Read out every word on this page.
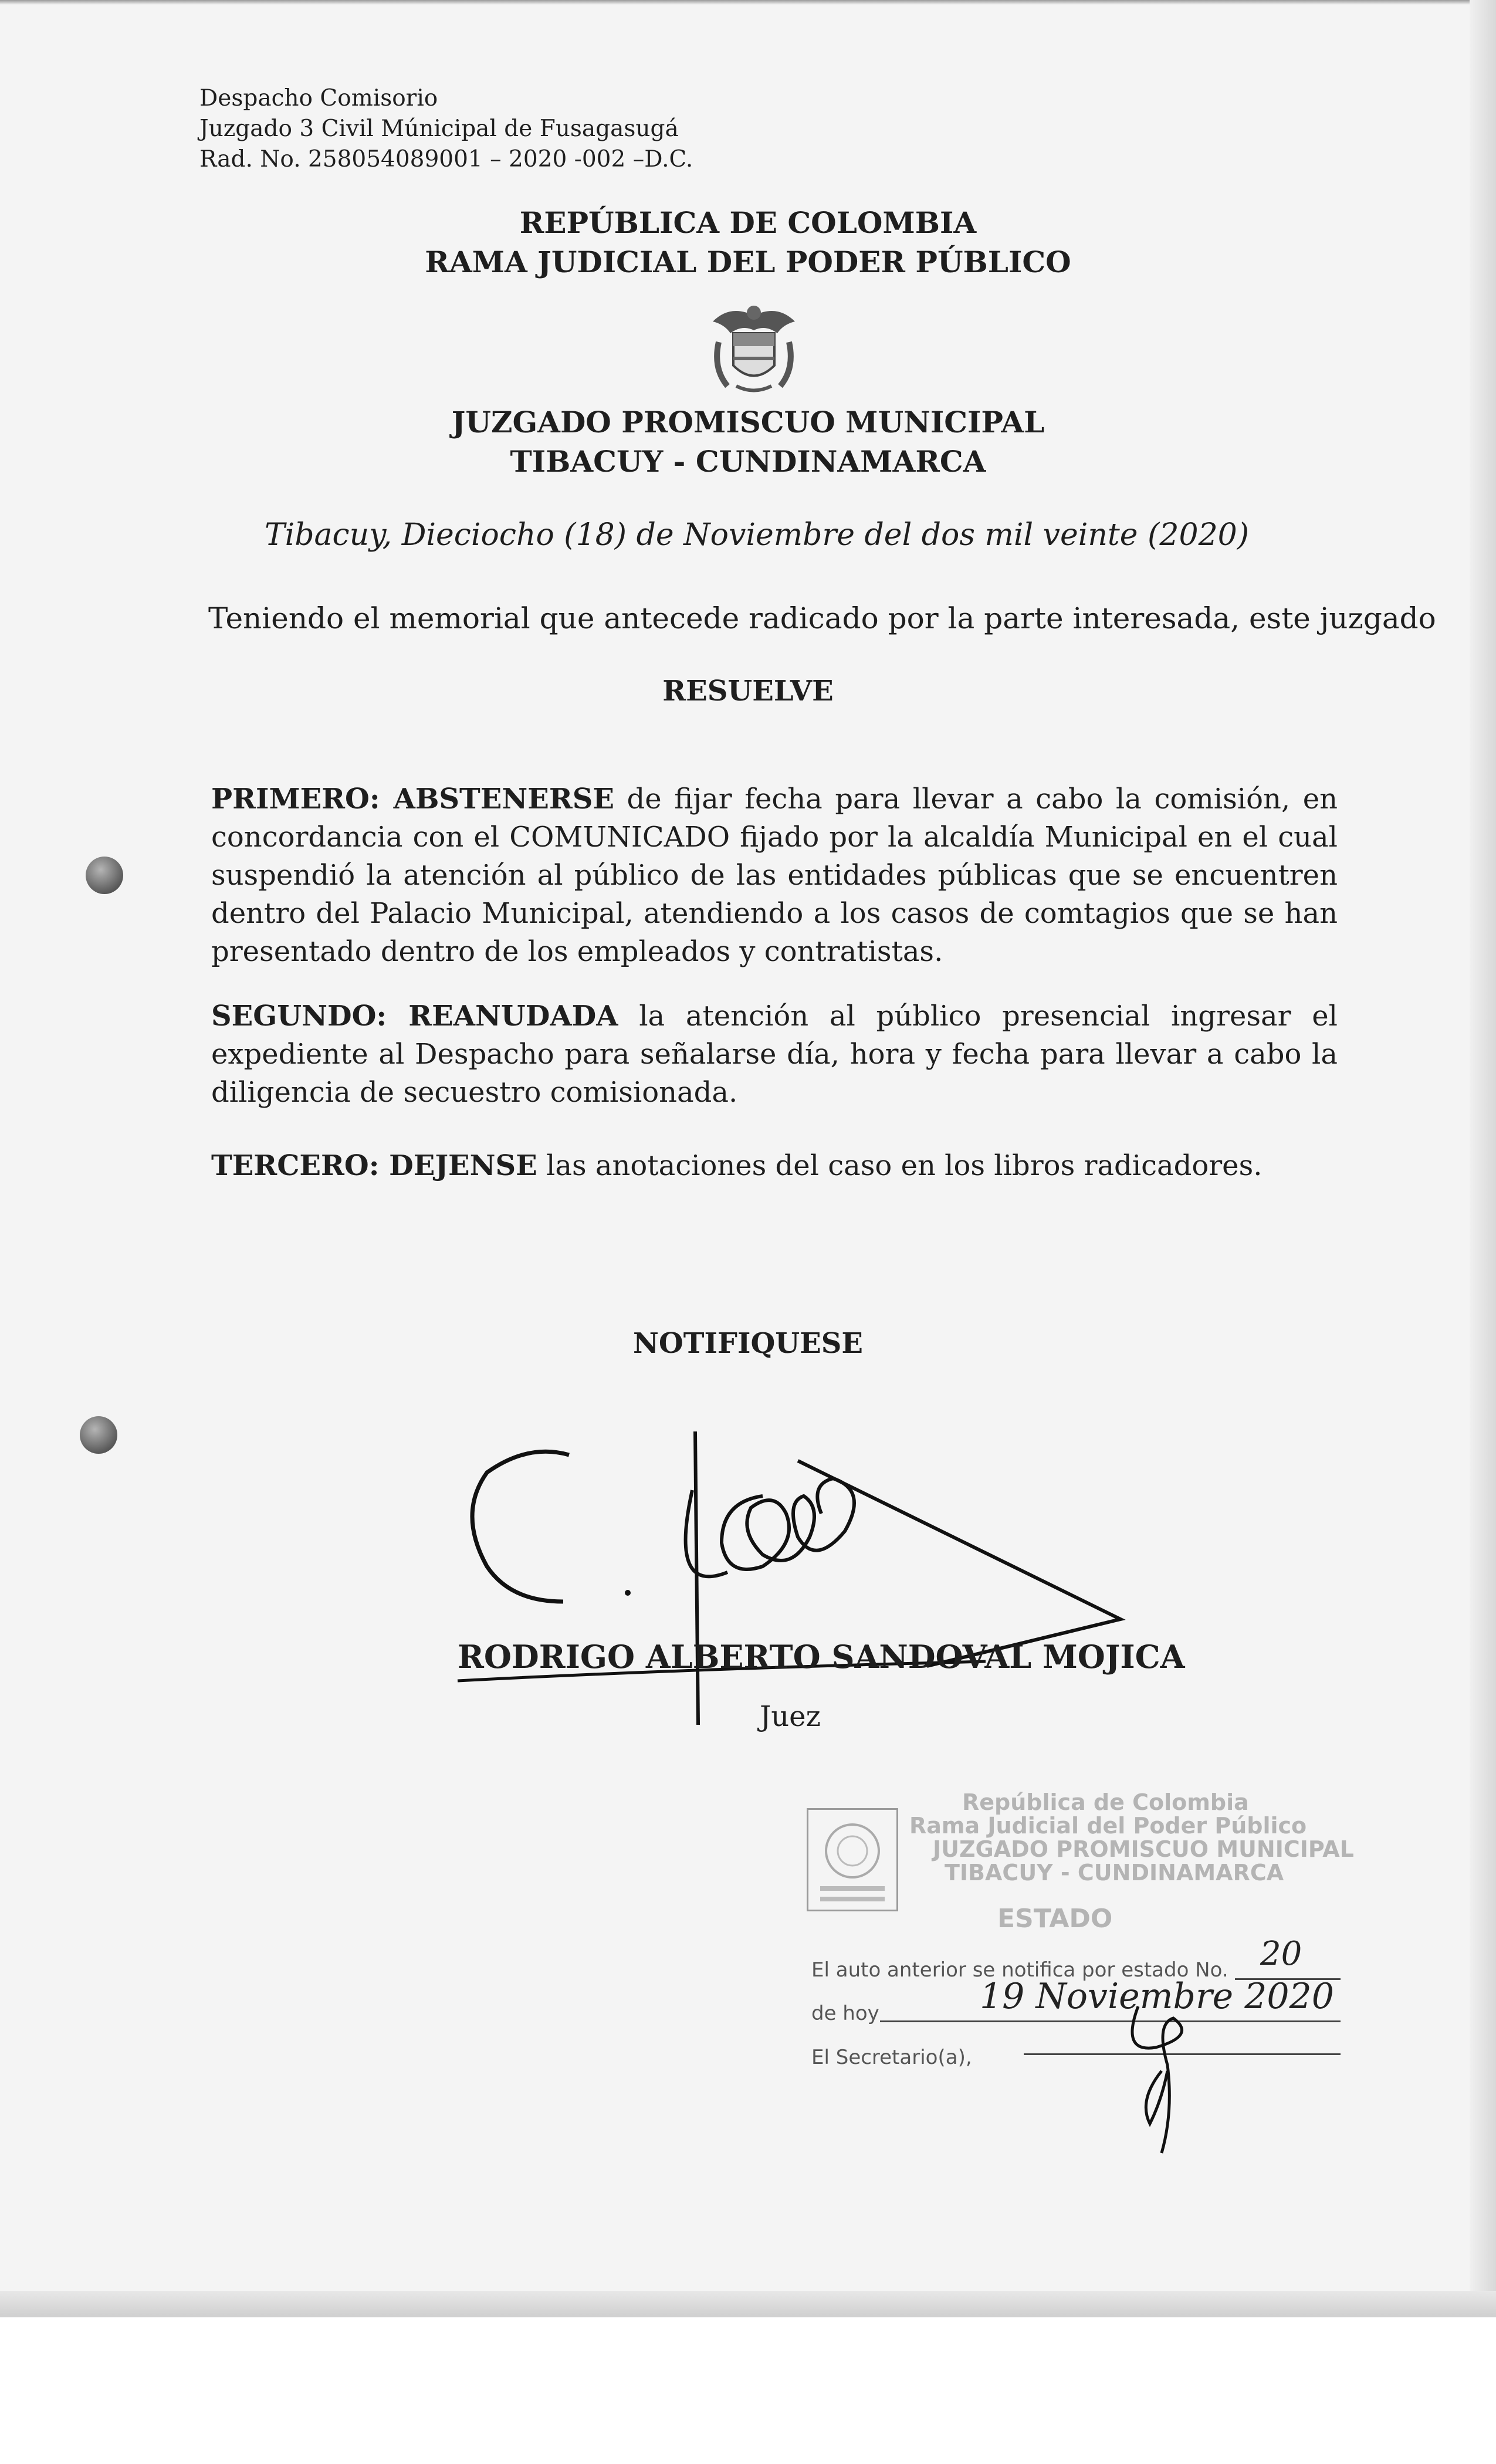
Despacho Comisorio
Juzgado 3 Civil Múnicipal de Fusagasugá
Rad. No. 258054089001 – 2020 -002 –D.C.
REPÚBLICA DE COLOMBIA
RAMA JUDICIAL DEL PODER PÚBLICO
JUZGADO PROMISCUO MUNICIPAL
TIBACUY - CUNDINAMARCA
Tibacuy, Dieciocho (18) de Noviembre del dos mil veinte (2020)
Teniendo el memorial que antecede radicado por la parte interesada, este juzgado
RESUELVE
PRIMERO: ABSTENERSE de fijar fecha para llevar a cabo la comisión, en concordancia con el COMUNICADO fijado por la alcaldía Municipal en el cual suspendió la atención al público de las entidades públicas que se encuentren dentro del Palacio Municipal, atendiendo a los casos de comtagios que se han presentado dentro de los empleados y contratistas.
SEGUNDO: REANUDADA la atención al público presencial ingresar el expediente al Despacho para señalarse día, hora y fecha para llevar a cabo la diligencia de secuestro comisionada.
TERCERO: DEJENSE las anotaciones del caso en los libros radicadores.
NOTIFIQUESE
RODRIGO ALBERTO SANDOVAL MOJICA
Juez
República de Colombia
Rama Judicial del Poder Público
JUZGADO PROMISCUO MUNICIPAL
TIBACUY - CUNDINAMARCA
ESTADO
El auto anterior se notifica por estado No. 20
de hoy	19 Noviembre 2020
El Secretario(a),
